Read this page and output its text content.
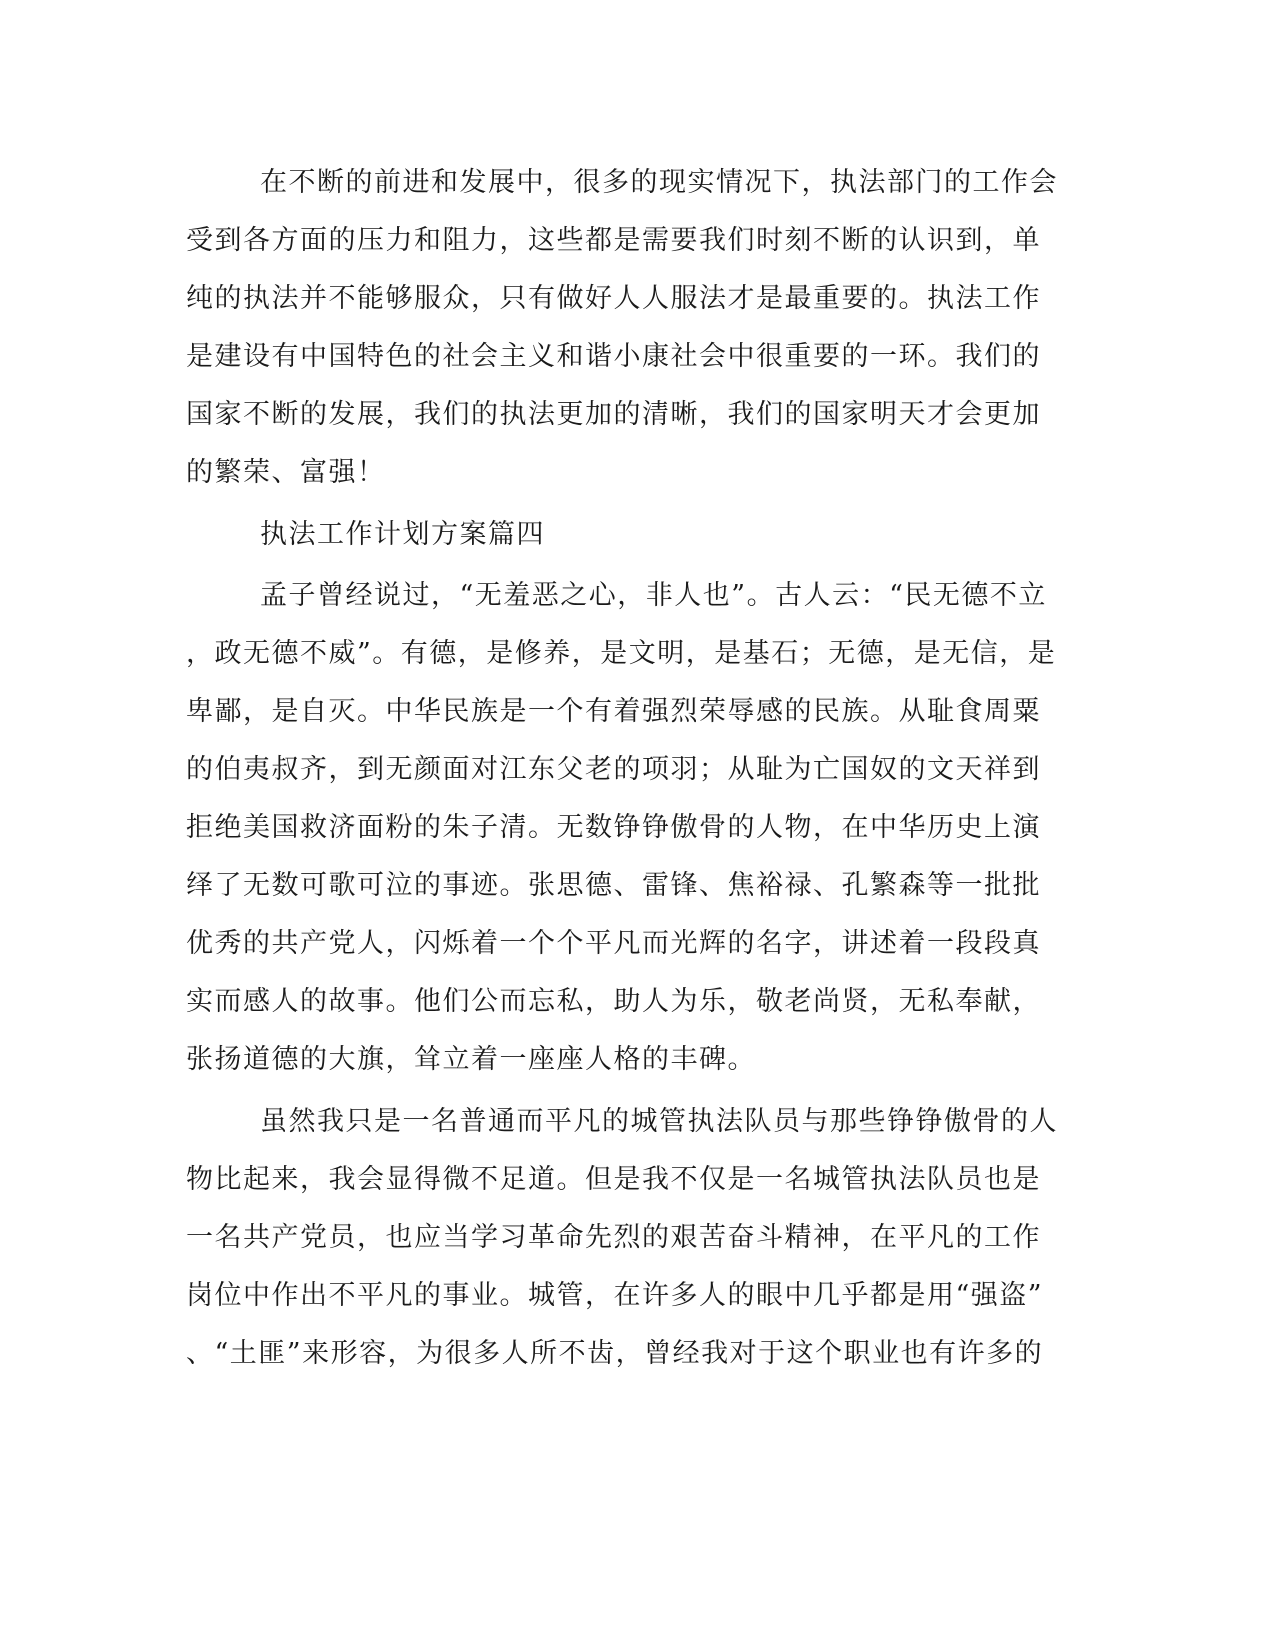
在不断的前进和发展中，很多的现实情况下，执法部门的工作会
受到各方面的压力和阻力，这些都是需要我们时刻不断的认识到，单
纯的执法并不能够服众，只有做好人人服法才是最重要的。执法工作
是建设有中国特色的社会主义和谐小康社会中很重要的一环。我们的
国家不断的发展，我们的执法更加的清晰，我们的国家明天才会更加
的繁荣、富强！
执法工作计划方案篇四
孟子曾经说过，“无羞恶之心，非人也”。古人云：“民无德不立
，政无德不威”。有德，是修养，是文明，是基石；无德，是无信，是
卑鄙，是自灭。中华民族是一个有着强烈荣辱感的民族。从耻食周粟
的伯夷叔齐，到无颜面对江东父老的项羽；从耻为亡国奴的文天祥到
拒绝美国救济面粉的朱子清。无数铮铮傲骨的人物，在中华历史上演
绎了无数可歌可泣的事迹。张思德、雷锋、焦裕禄、孔繁森等一批批
优秀的共产党人，闪烁着一个个平凡而光辉的名字，讲述着一段段真
实而感人的故事。他们公而忘私，助人为乐，敬老尚贤，无私奉献，
张扬道德的大旗，耸立着一座座人格的丰碑。
虽然我只是一名普通而平凡的城管执法队员与那些铮铮傲骨的人
物比起来，我会显得微不足道。但是我不仅是一名城管执法队员也是
一名共产党员，也应当学习革命先烈的艰苦奋斗精神，在平凡的工作
岗位中作出不平凡的事业。城管，在许多人的眼中几乎都是用“强盗”
、“土匪”来形容，为很多人所不齿，曾经我对于这个职业也有许多的
